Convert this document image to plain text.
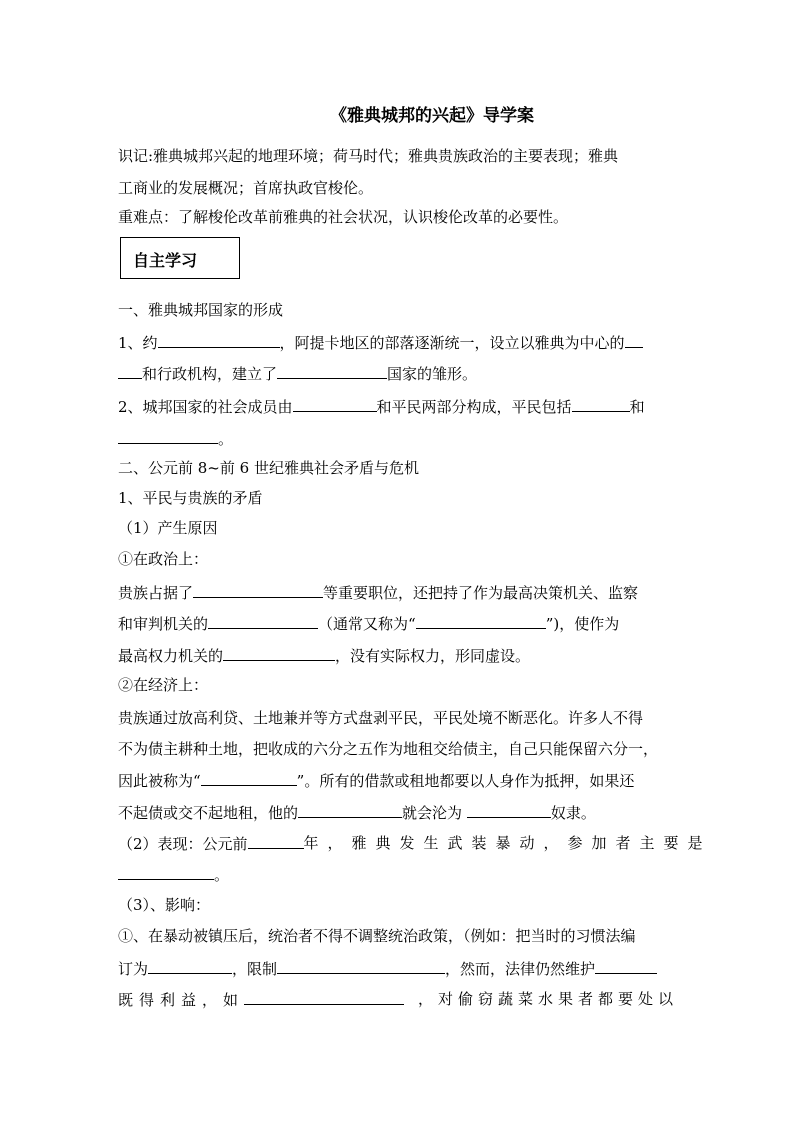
《雅典城邦的兴起》导学案
识记:雅典城邦兴起的地理环境；荷马时代；雅典贵族政治的主要表现；雅典
工商业的发展概况；首席执政官梭伦。
重难点：了解梭伦改革前雅典的社会状况，认识梭伦改革的必要性。
自主学习
一、雅典城邦国家的形成
1、约	，阿提卡地区的部落逐渐统一，设立以雅典为中心的
和行政机构，建立了	国家的雏形。
2、城邦国家的社会成员由	和平民两部分构成，平民包括	和
。
二、公元前 8~前 6 世纪雅典社会矛盾与危机
1、平民与贵族的矛盾
（1）产生原因
①在政治上：
贵族占据了	等重要职位，还把持了作为最高决策机关、监察
和审判机关的	（通常又称为“	”)，使作为
最高权力机关的	，没有实际权力，形同虚设。
②在经济上：
贵族通过放高利贷、土地兼并等方式盘剥平民，平民处境不断恶化。许多人不得
不为债主耕种土地，把收成的六分之五作为地租交给债主，自己只能保留六分一，
因此被称为“	”。所有的借款或租地都要以人身作为抵押，如果还
不起债或交不起地租，他的	就会沦为	奴隶。
（2）表现：公元前	年，雅典发生武装暴动，参加者主要是
。
（3）、影响：
①、在暴动被镇压后，统治者不得不调整统治政策，（例如：把当时的习惯法编
订为	，限制	，然而，法律仍然维护
既得利益，如	，对偷窃蔬菜水果者都要处以
